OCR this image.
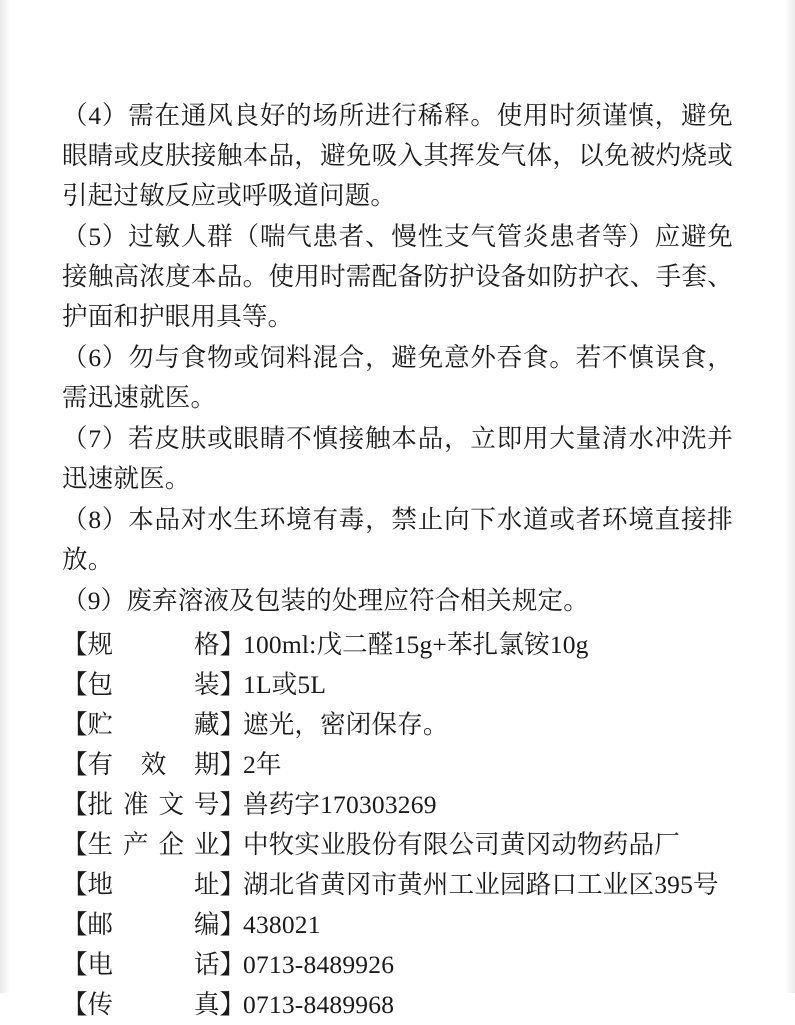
（4）需在通风良好的场所进行稀释。使用时须谨慎，避免眼睛或皮肤接触本品，避免吸入其挥发气体，以免被灼烧或引起过敏反应或呼吸道问题。

（5）过敏人群（喘气患者、慢性支气管炎患者等）应避免接触高浓度本品。使用时需配备防护设备如防护衣、手套、护面和护眼用具等。

（6）勿与食物或饲料混合，避免意外吞食。若不慎误食，需迅速就医。

（7）若皮肤或眼睛不慎接触本品，立即用大量清水冲洗并迅速就医。

（8）本品对水生环境有毒，禁止向下水道或者环境直接排放。

（9）废弃溶液及包装的处理应符合相关规定。

【规　　格】
100ml:戊二醛15g+苯扎氯铵10g
【包　　装】
1L或5L
【贮　　藏】
遮光，密闭保存。
【有 效 期】
2年
【批准文号】
兽药字170303269
【生产企业】
中牧实业股份有限公司黄冈动物药品厂
【地　　址】
湖北省黄冈市黄州工业园路口工业区395号
【邮　　编】
438021
【电　　话】
0713-8489926
【传　　真】
0713-8489968
